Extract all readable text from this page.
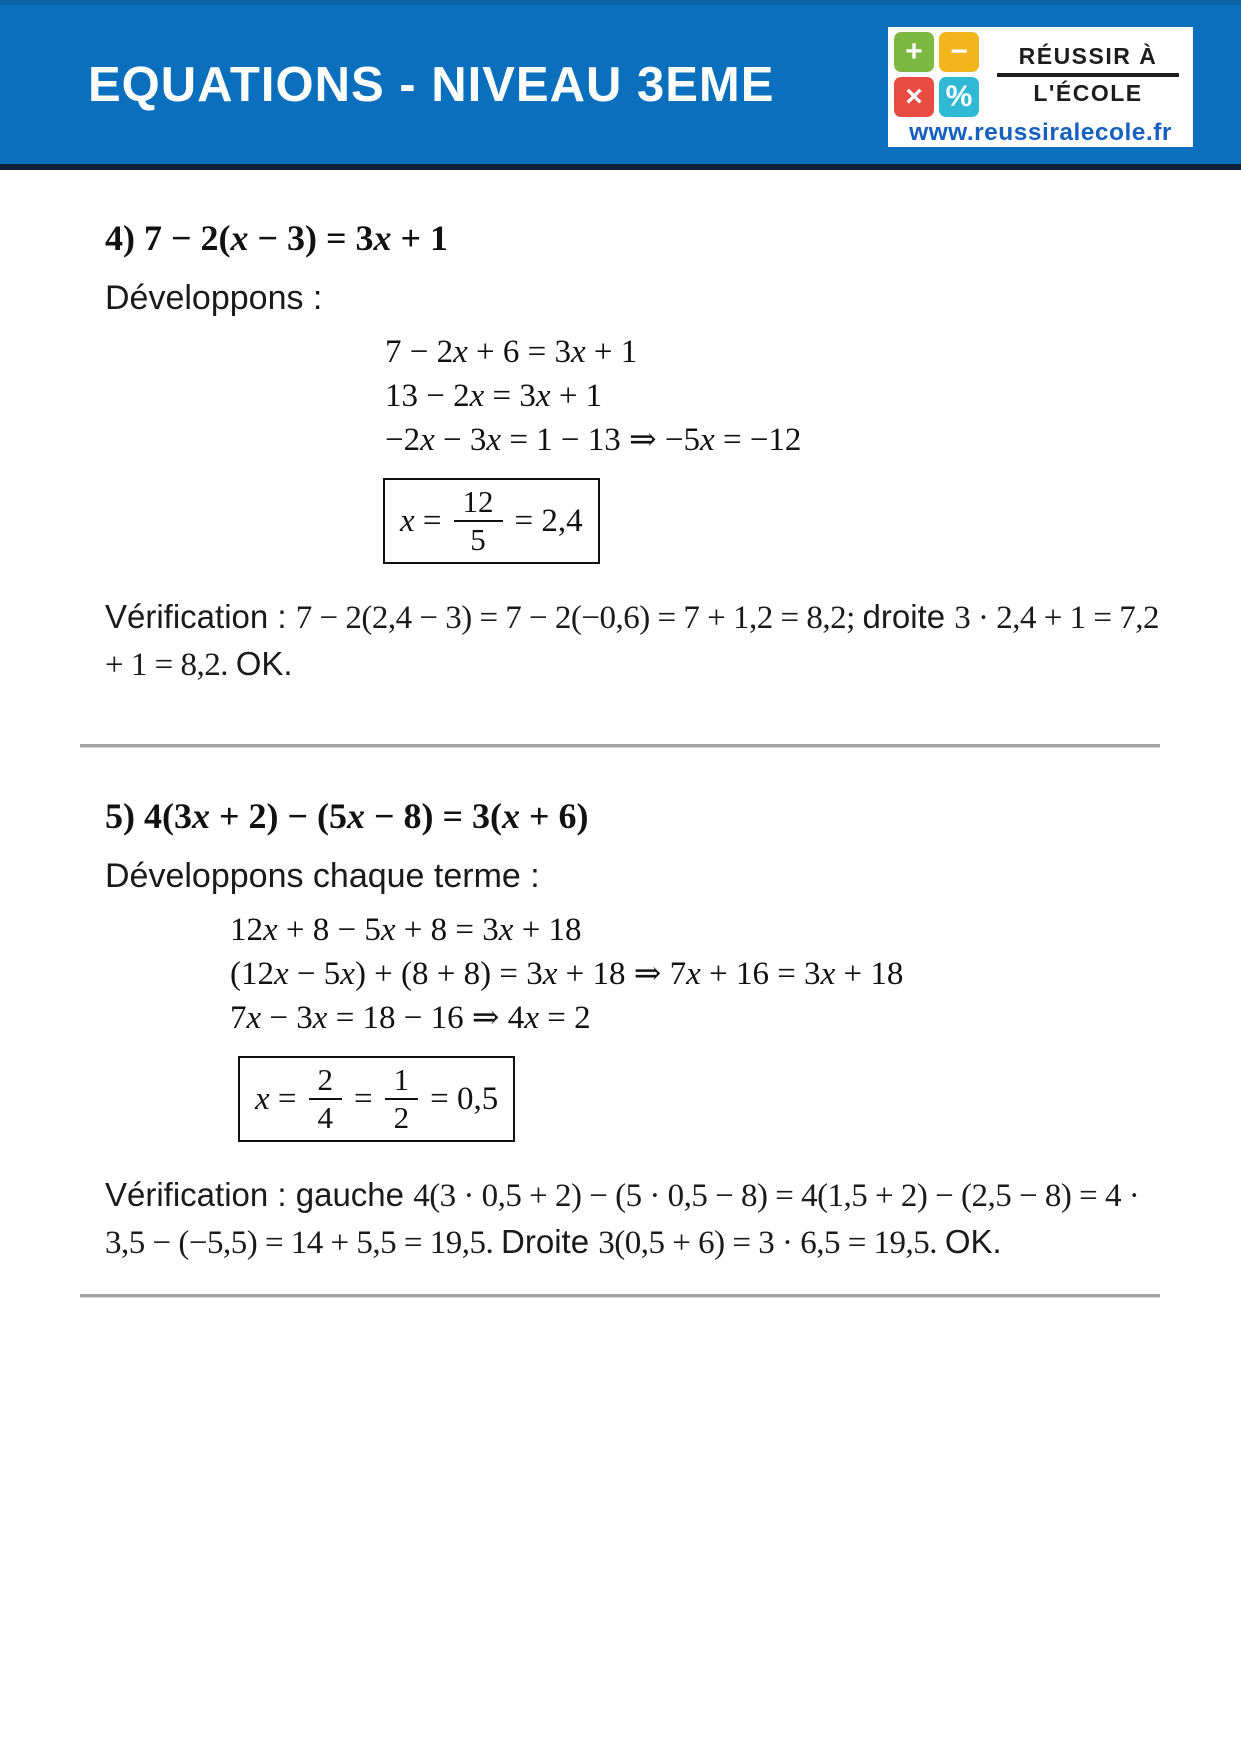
EQUATIONS - NIVEAU 3EME
+ −
× %
RÉUSSIR À
L'ÉCOLE
www.reussiralecole.fr
4) 7 − 2(x − 3) = 3x + 1

Développons :

7 − 2x + 6 = 3x + 1
13 − 2x = 3x + 1
−2x − 3x = 1 − 13 ⇒ −5x = −12
$x = \frac{12}{5} = 2,4$

Vérification : 7 − 2(2,4 − 3) = 7 − 2(−0,6) = 7 + 1,2 = 8,2; droite 3 · 2,4 + 1 = 7,2 + 1 = 8,2. OK.

5) 4(3x + 2) − (5x − 8) = 3(x + 6)

Développons chaque terme :

12x + 8 − 5x + 8 = 3x + 18
(12x − 5x) + (8 + 8) = 3x + 18 ⇒ 7x + 16 = 3x + 18
7x − 3x = 18 − 16 ⇒ 4x = 2
$x = \frac{2}{4} = \frac{1}{2} = 0,5$

Vérification : gauche 4(3 · 0,5 + 2) − (5 · 0,5 − 8) = 4(1,5 + 2) − (2,5 − 8) = 4 · 3,5 − (−5,5) = 14 + 5,5 = 19,5. Droite 3(0,5 + 6) = 3 · 6,5 = 19,5. OK.
